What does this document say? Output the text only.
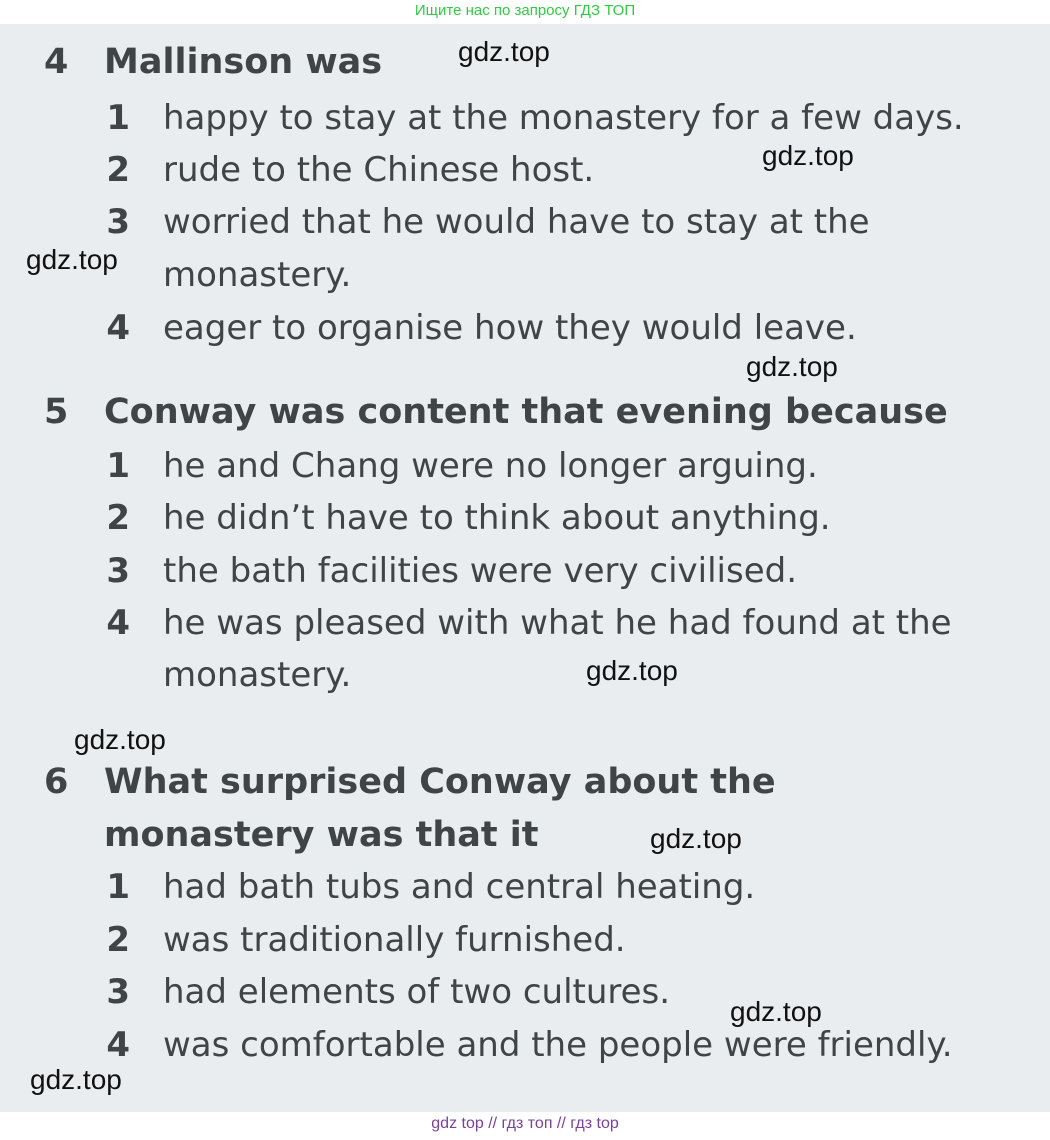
Ищите нас по запросу ГДЗ ТОП
4 Mallinson was
1 happy to stay at the monastery for a few days.
2 rude to the Chinese host.
3 worried that he would have to stay at the
monastery.
4 eager to organise how they would leave.
5 Conway was content that evening because
1 he and Chang were no longer arguing.
2 he didn’t have to think about anything.
3 the bath facilities were very civilised.
4 he was pleased with what he had found at the
monastery.
6 What surprised Conway about the
monastery was that it
1 had bath tubs and central heating.
2 was traditionally furnished.
3 had elements of two cultures.
4 was comfortable and the people were friendly.
gdz.top
gdz.top
gdz.top
gdz.top
gdz.top
gdz.top
gdz.top
gdz.top
gdz.top
gdz top // гдз топ // гдз top
